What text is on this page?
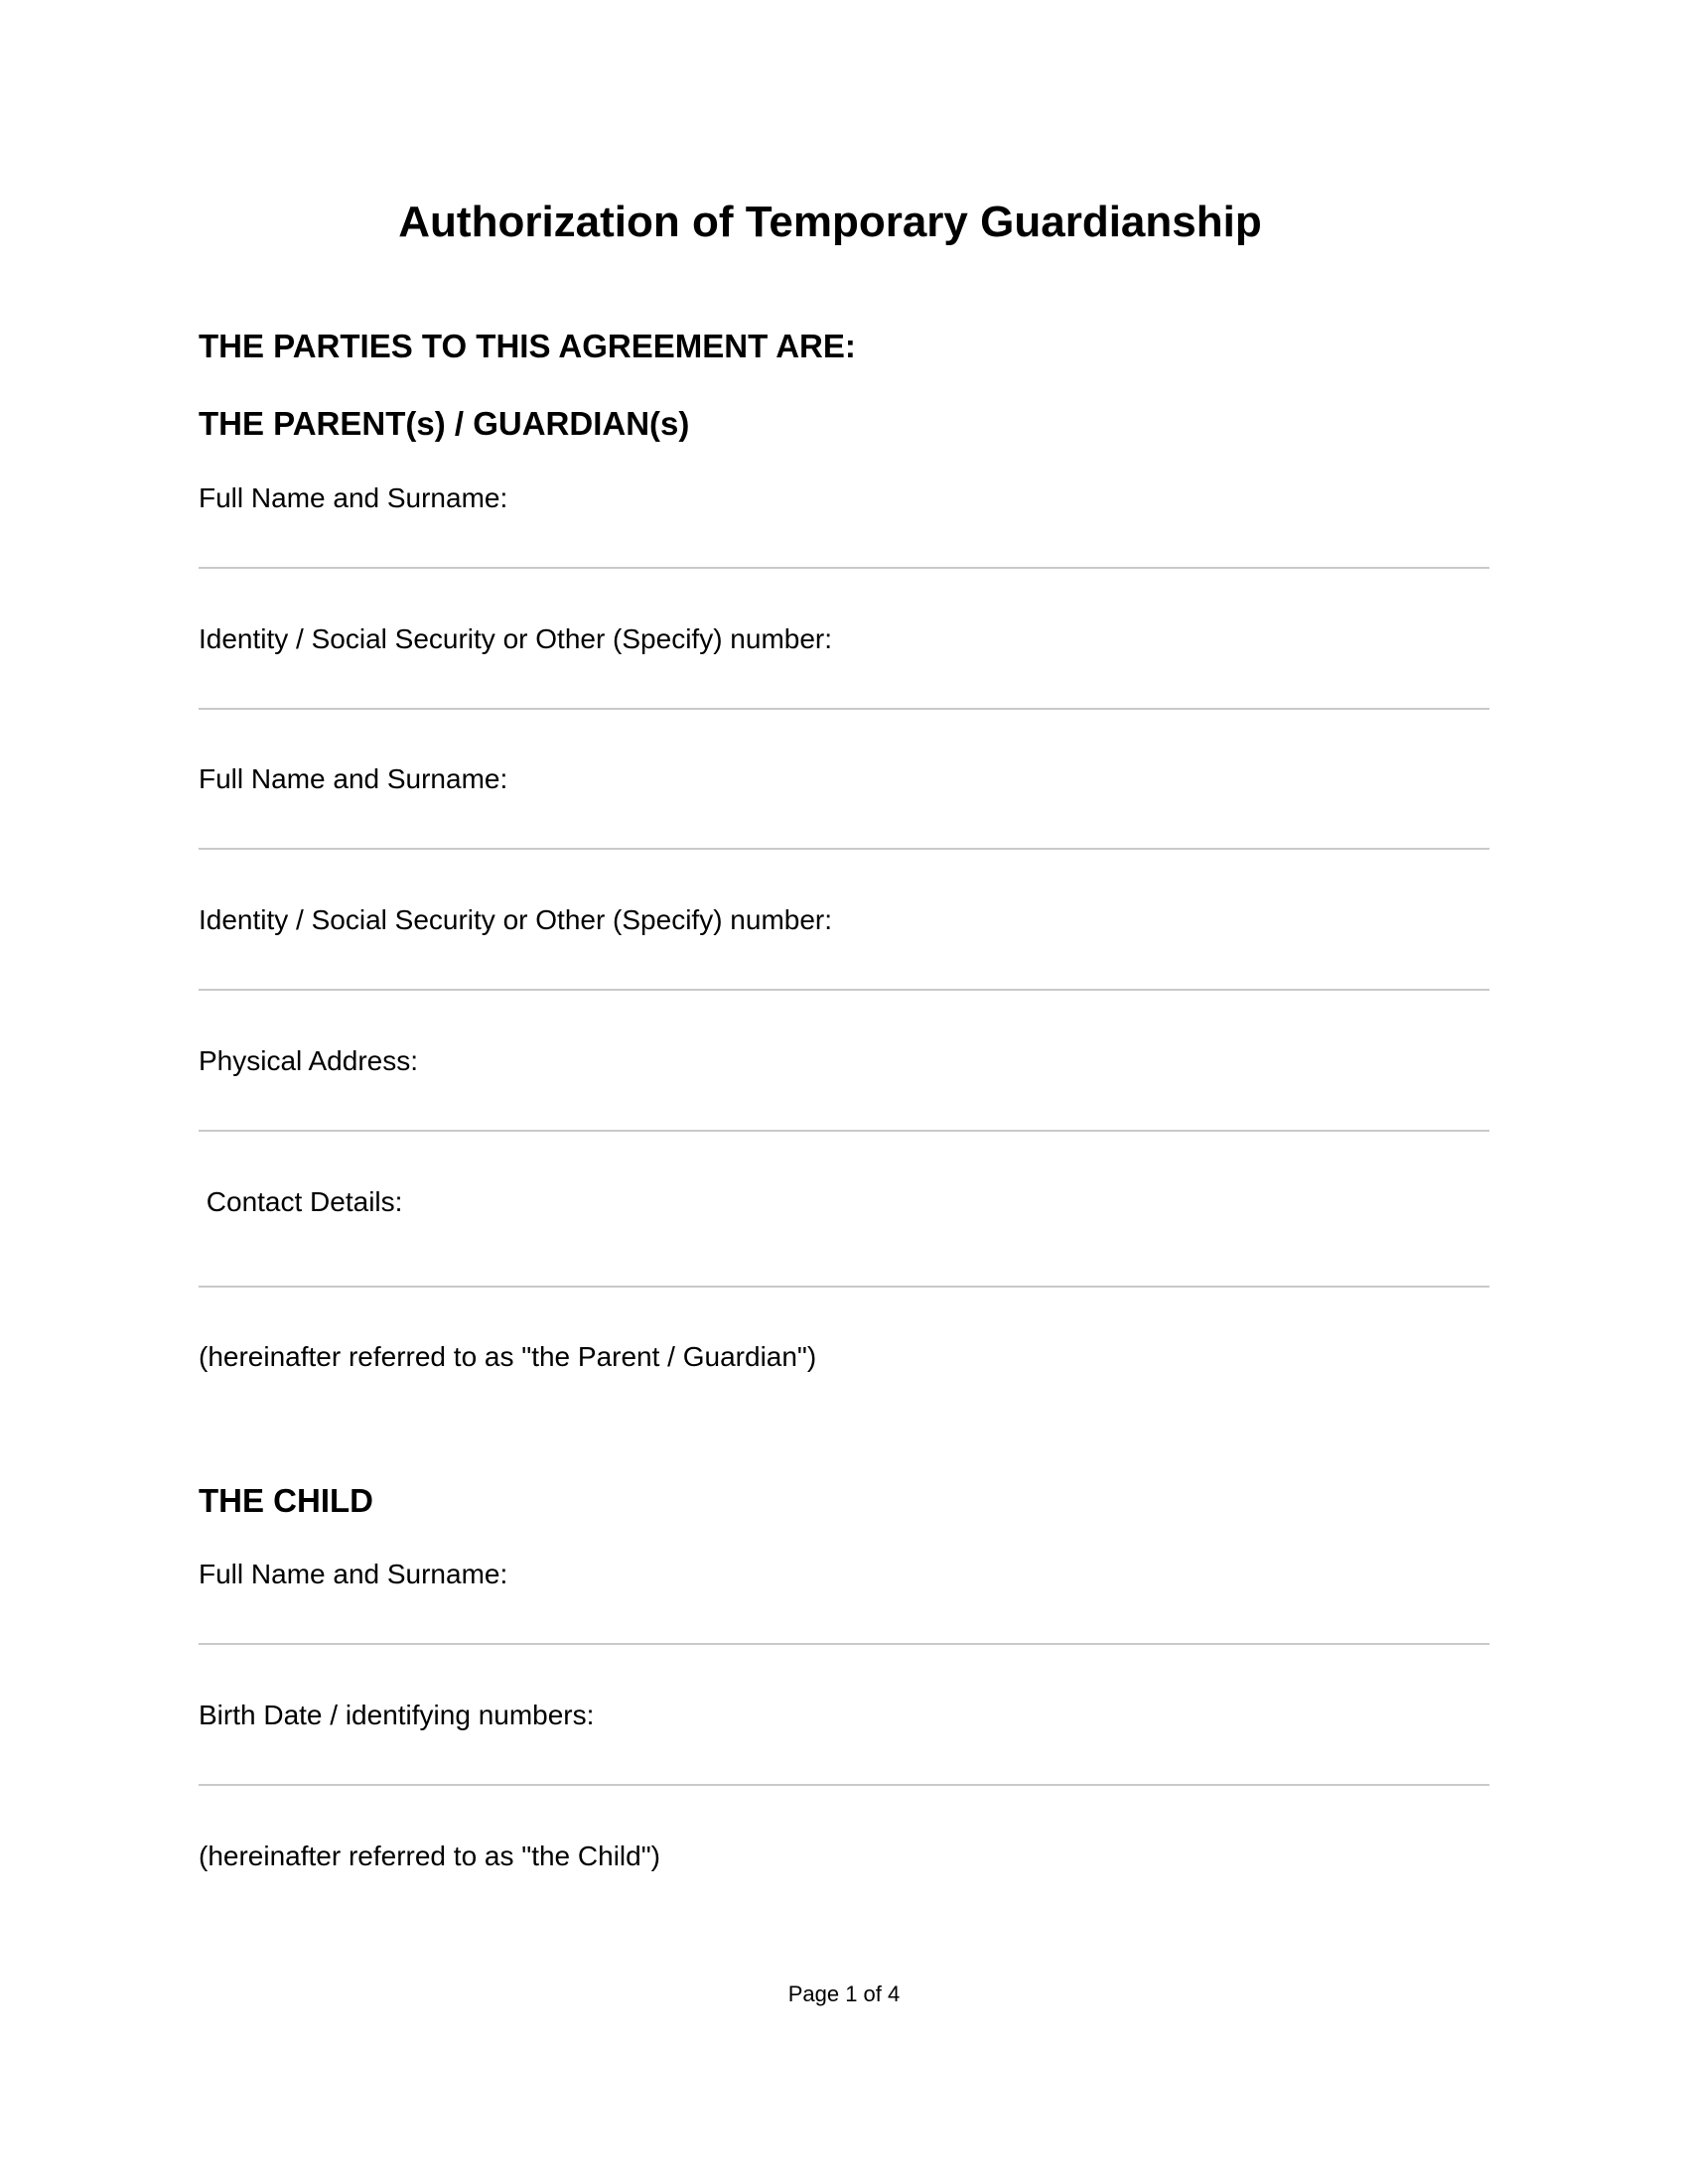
Authorization of Temporary Guardianship
THE PARTIES TO THIS AGREEMENT ARE:
THE PARENT(s) / GUARDIAN(s)
Full Name and Surname:
Identity / Social Security or Other (Specify) number:
Full Name and Surname:
Identity / Social Security or Other (Specify) number:
Physical Address:
Contact Details:
(hereinafter referred to as "the Parent / Guardian")
THE CHILD
Full Name and Surname:
Birth Date / identifying numbers:
(hereinafter referred to as "the Child")
Page 1 of 4
